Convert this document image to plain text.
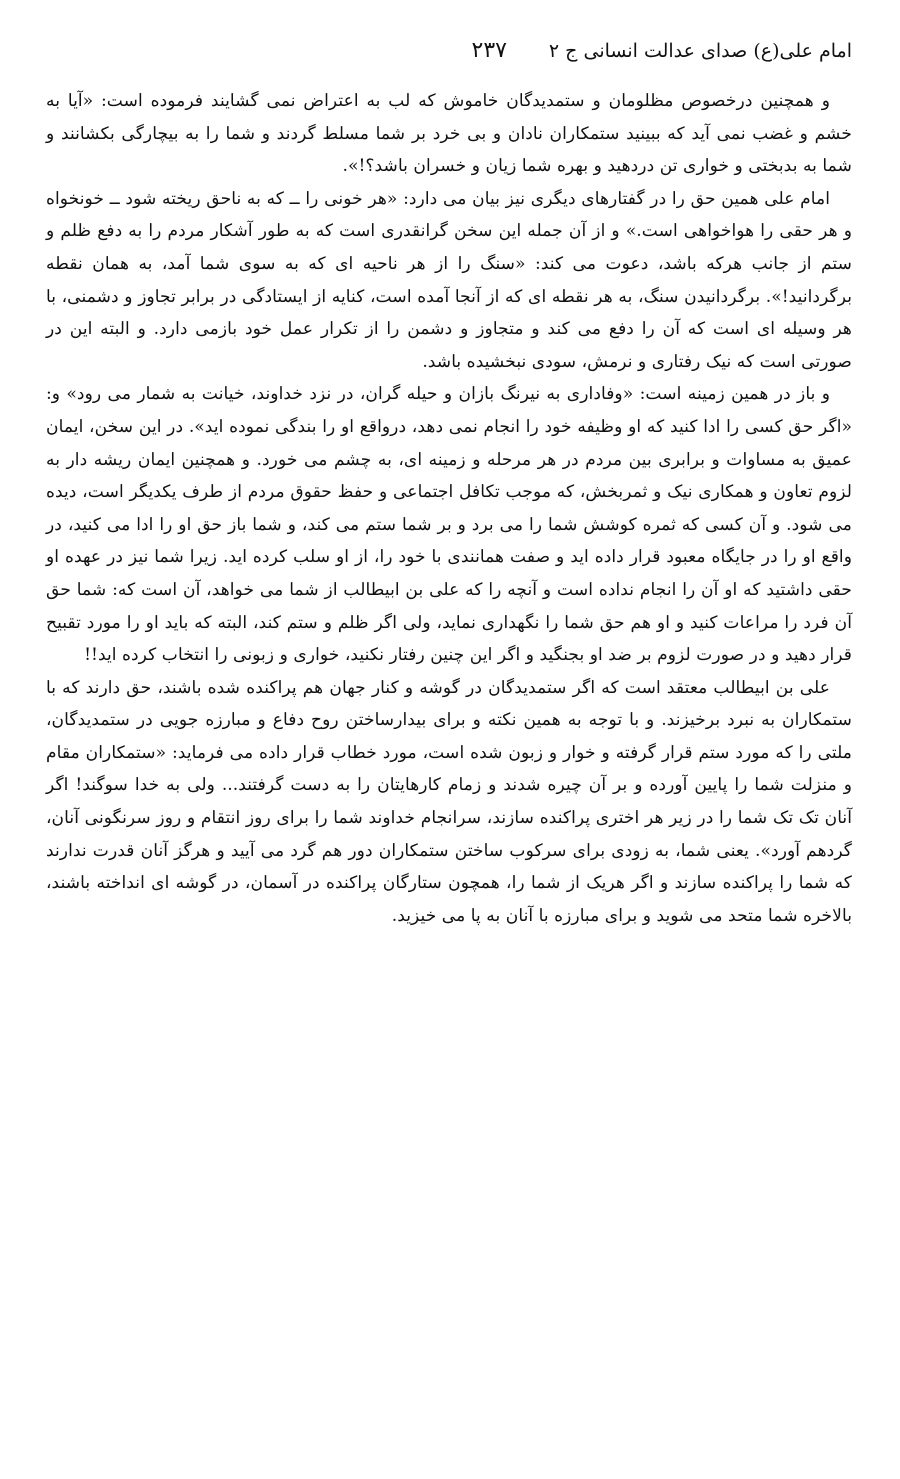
امام علی(ع) صدای عدالت انسانی ج ۲
۲۳۷

و همچنین درخصوص مظلومان و ستمدیدگان خاموش که لب به اعتراض نمی گشایند فرموده است: «آیا به خشم و غضب نمی آید که ببینید ستمکاران نادان و بی خرد بر شما مسلط گردند و شما را به بیچارگی بکشانند و شما به بدبختی و خواری تن دردهید و بهره شما زیان و خسران باشد؟!».

امام علی همین حق را در گفتارهای دیگری نیز بیان می دارد: «هر خونی را ــ که به ناحق ریخته شود ــ خونخواه و هر حقی را هواخواهی است.» و از آن جمله این سخن گرانقدری است که به طور آشکار مردم را به دفع ظلم و ستم از جانب هرکه باشد، دعوت می کند: «سنگ را از هر ناحیه ای که به سوی شما آمد، به همان نقطه برگردانید!». برگردانیدن سنگ، به هر نقطه ای که از آنجا آمده است، کنایه از ایستادگی در برابر تجاوز و دشمنی، با هر وسیله ای است که آن را دفع می کند و متجاوز و دشمن را از تکرار عمل خود بازمی دارد. و البته این در صورتی است که نیک رفتاری و نرمش، سودی نبخشیده باشد.

و باز در همین زمینه است: «وفاداری به نیرنگ بازان و حیله گران، در نزد خداوند، خیانت به شمار می رود» و: «اگر حق کسی را ادا کنید که او وظیفه خود را انجام نمی دهد، درواقع او را بندگی نموده اید». در این سخن، ایمان عمیق به مساوات و برابری بین مردم در هر مرحله و زمینه ای، به چشم می خورد. و همچنین ایمان ریشه دار به لزوم تعاون و همکاری نیک و ثمربخش، که موجب تکافل اجتماعی و حفظ حقوق مردم از طرف یکدیگر است، دیده می شود. و آن کسی که ثمره کوشش شما را می برد و بر شما ستم می کند، و شما باز حق او را ادا می کنید، در واقع او را در جایگاه معبود قرار داده اید و صفت همانندی با خود را، از او سلب کرده اید. زیرا شما نیز در عهده او حقی داشتید که او آن را انجام نداده است و آنچه را که علی بن ابیطالب از شما می خواهد، آن است که: شما حق آن فرد را مراعات کنید و او هم حق شما را نگهداری نماید، ولی اگر ظلم و ستم کند، البته که باید او را مورد تقبیح قرار دهید و در صورت لزوم بر ضد او بجنگید و اگر این چنین رفتار نکنید، خواری و زبونی را انتخاب کرده اید!!

علی بن ابیطالب معتقد است که اگر ستمدیدگان در گوشه و کنار جهان هم پراکنده شده باشند، حق دارند که با ستمکاران به نبرد برخیزند. و با توجه به همین نکته و برای بیدارساختن روح دفاع و مبارزه جویی در ستمدیدگان، ملتی را که مورد ستم قرار گرفته و خوار و زبون شده است، مورد خطاب قرار داده می فرماید: «ستمکاران مقام و منزلت شما را پایین آورده و بر آن چیره شدند و زمام کارهایتان را به دست گرفتند... ولی به خدا سوگند! اگر آنان تک تک شما را در زیر هر اختری پراکنده سازند، سرانجام خداوند شما را برای روز انتقام و روز سرنگونی آنان، گردهم آورد». یعنی شما، به زودی برای سرکوب ساختن ستمکاران دور هم گرد می آیید و هرگز آنان قدرت ندارند که شما را پراکنده سازند و اگر هریک از شما را، همچون ستارگان پراکنده در آسمان، در گوشه ای انداخته باشند، بالاخره شما متحد می شوید و برای مبارزه با آنان به پا می خیزید.
